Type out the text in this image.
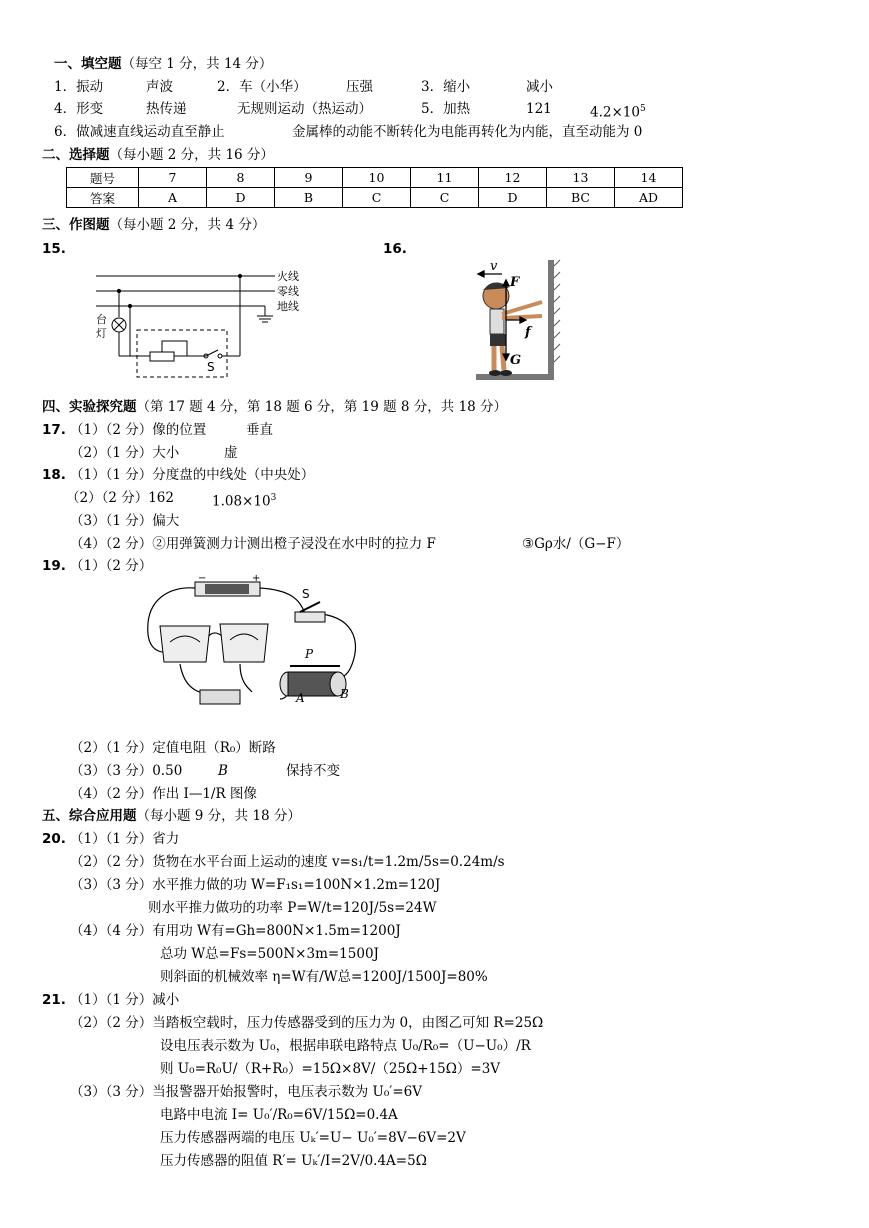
一、填空题（每空 1 分，共 14 分）
1．振动	声波	2．车（小华）	压强	3．缩小	减小
4．形变	热传递	无规则运动（热运动）	5．加热	121	$4.2\times 10^5$
6．做减速直线运动直至静止	金属棒的动能不断转化为电能再转化为内能，直至动能为 0
二、选择题（每小题 2 分，共 16 分）
题号	7	8	9	10	11	12	13	14
答案	A	D	B	C	C	D	BC	AD
三、作图题（每小题 2 分，共 4 分）
15.	16.
火线
零线
地线
台
灯
S
v
F
f
G
四、实验探究题（第 17 题 4 分，第 18 题 6 分，第 19 题 8 分，共 18 分）
17. （1）（2 分）像的位置	垂直
（2）（1 分）大小	虚
18. （1）（1 分）分度盘的中线处（中央处）
（2）（2 分）162	$1.08\times 10^3$
（3）（1 分）偏大
（4）（2 分）②用弹簧测力计测出橙子浸没在水中时的拉力 F	③Gρ水/（G−F）
19. （1）（2 分）
−	+
S
P
A	B
（2）（1 分）定值电阻（R₀）断路
（3）（3 分）0.50	B	保持不变
（4）（2 分）作出 I—1/R 图像
五、综合应用题（每小题 9 分，共 18 分）
20. （1）（1 分）省力
（2）（2 分）货物在水平台面上运动的速度 v=s₁/t=1.2m/5s=0.24m/s
（3）（3 分）水平推力做的功 W=F₁s₁=100N×1.2m=120J
则水平推力做功的功率 P=W/t=120J/5s=24W
（4）（4 分）有用功 W有=Gh=800N×1.5m=1200J
总功 W总=Fs=500N×3m=1500J
则斜面的机械效率 η=W有/W总=1200J/1500J=80%
21. （1）（1 分）减小
（2）（2 分）当踏板空载时，压力传感器受到的压力为 0，由图乙可知 R=25Ω
设电压表示数为 U₀，根据串联电路特点 U₀/R₀=（U−U₀）/R
则 U₀=R₀U/（R+R₀）=15Ω×8V/（25Ω+15Ω）=3V
（3）（3 分）当报警器开始报警时，电压表示数为 U₀′=6V
电路中电流 I= U₀′/R₀=6V/15Ω=0.4A
压力传感器两端的电压 Uₖ′=U− U₀′=8V−6V=2V
压力传感器的阻值 R′= Uₖ′/I=2V/0.4A=5Ω
